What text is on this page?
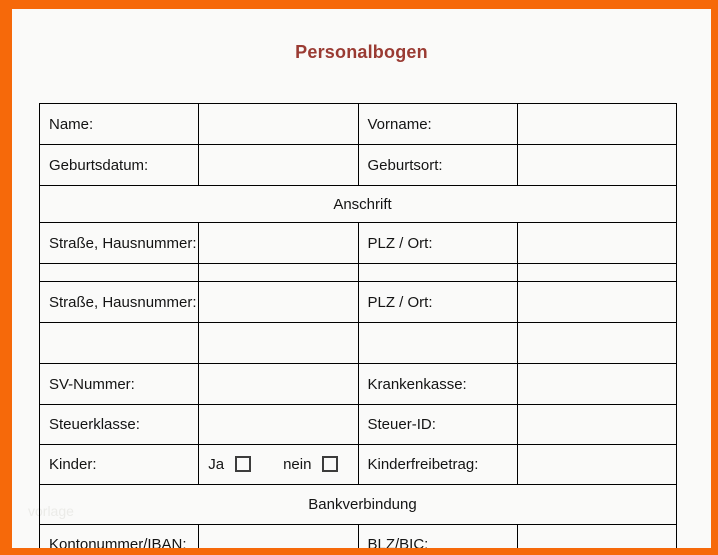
Personalbogen
vorlage
Name:		Vorname:	
Geburtsdatum:		Geburtsort:	
Anschrift			
Straße, Hausnummer:		PLZ / Ort:	

Straße, Hausnummer:		PLZ / Ort:	

SV-Nummer:		Krankenkasse:	
Steuerklasse:		Steuer-ID:	
Kinder:	Ja nein	Kinderfreibetrag:	
Bankverbindung			
Kontonummer/IBAN:		BLZ/BIC:	
